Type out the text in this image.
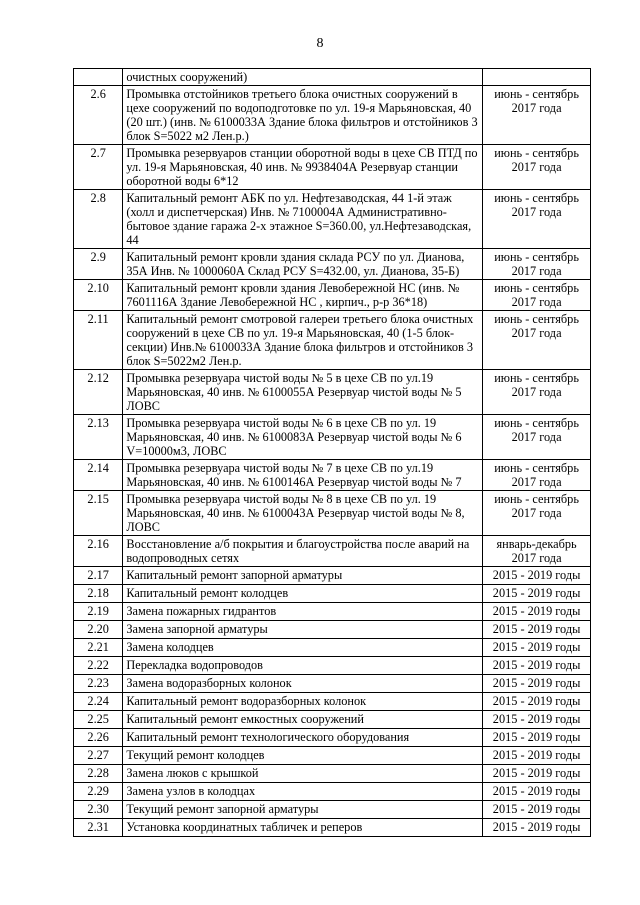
8
	очистных сооружений)	
2.6	Промывка отстойников третьего блока очистных сооружений в цехе сооружений по водоподготовке по ул. 19-я Марьяновская, 40 (20 шт.) (инв. № 6100033А Здание блока фильтров и отстойников 3 блок S=5022 м2 Лен.р.)	июнь - сентябрь 2017 года
2.7	Промывка резервуаров станции оборотной воды в цехе СВ ПТД по ул. 19-я Марьяновская, 40 инв. № 9938404А Резервуар станции оборотной воды 6*12	июнь - сентябрь 2017 года
2.8	Капитальный ремонт АБК по ул. Нефтезаводская, 44 1-й этаж (холл и диспетчерская) Инв. № 7100004А Административно-бытовое здание гаража 2-х этажное S=360.00, ул.Нефтезаводская, 44	июнь - сентябрь 2017 года
2.9	Капитальный ремонт кровли здания склада РСУ по ул. Дианова, 35А Инв. № 1000060А Склад РСУ S=432.00, ул. Дианова, 35-Б)	июнь - сентябрь 2017 года
2.10	Капитальный ремонт кровли здания Левобережной НС (инв. № 7601116А Здание Левобережной НС , кирпич., р-р 36*18)	июнь - сентябрь 2017 года
2.11	Капитальный ремонт смотровой галереи третьего блока очистных сооружений в цехе СВ по ул. 19-я Марьяновская, 40 (1-5 блок-секции) Инв.№ 6100033А Здание блока фильтров и отстойников 3 блок S=5022м2 Лен.р.	июнь - сентябрь 2017 года
2.12	Промывка резервуара чистой воды № 5 в цехе СВ по ул.19 Марьяновская, 40 инв. № 6100055А Резервуар чистой воды № 5 ЛОВС	июнь - сентябрь 2017 года
2.13	Промывка резервуара чистой воды № 6 в цехе СВ по ул. 19 Марьяновская, 40 инв. № 6100083А Резервуар чистой воды № 6 V=10000м3, ЛОВС	июнь - сентябрь 2017 года
2.14	Промывка резервуара чистой воды № 7 в цехе СВ по ул.19 Марьяновская, 40 инв. № 6100146А Резервуар чистой воды № 7	июнь - сентябрь 2017 года
2.15	Промывка резервуара чистой воды № 8 в цехе СВ по ул. 19 Марьяновская, 40 инв. № 6100043А Резервуар чистой воды № 8, ЛОВС	июнь - сентябрь 2017 года
2.16	Восстановление а/б покрытия и благоустройства после аварий на водопроводных сетях	январь-декабрь 2017 года
2.17	Капитальный ремонт запорной арматуры	2015 - 2019 годы
2.18	Капитальный ремонт колодцев	2015 - 2019 годы
2.19	Замена пожарных гидрантов	2015 - 2019 годы
2.20	Замена запорной арматуры	2015 - 2019 годы
2.21	Замена колодцев	2015 - 2019 годы
2.22	Перекладка водопроводов	2015 - 2019 годы
2.23	Замена водоразборных колонок	2015 - 2019 годы
2.24	Капитальный ремонт водоразборных колонок	2015 - 2019 годы
2.25	Капитальный ремонт емкостных сооружений	2015 - 2019 годы
2.26	Капитальный ремонт технологического оборудования	2015 - 2019 годы
2.27	Текущий ремонт колодцев	2015 - 2019 годы
2.28	Замена люков с крышкой	2015 - 2019 годы
2.29	Замена узлов в колодцах	2015 - 2019 годы
2.30	Текущий ремонт запорной арматуры	2015 - 2019 годы
2.31	Установка координатных табличек и реперов	2015 - 2019 годы
